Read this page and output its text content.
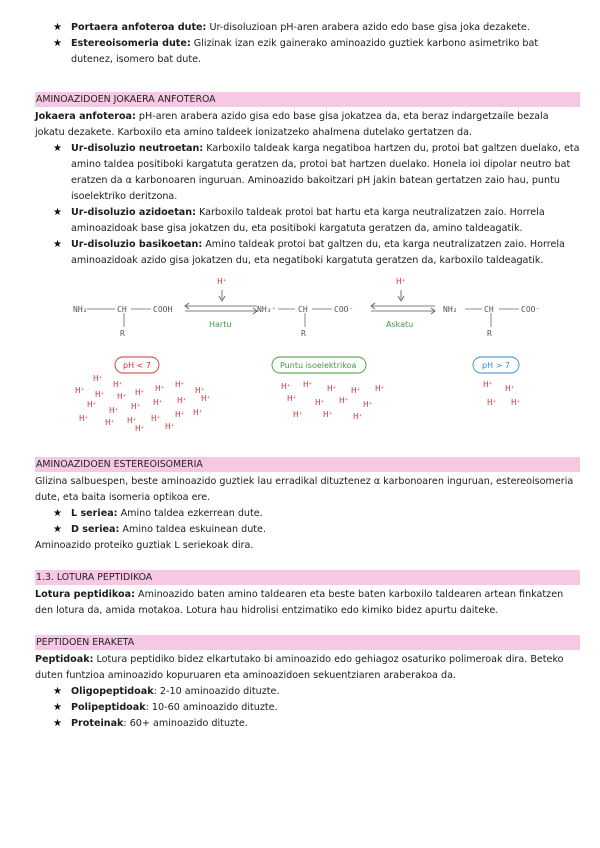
★ Portaera anfoteroa dute: Ur-disoluzioan pH-aren arabera azido edo base gisa joka dezakete.
★ Estereoisomeria dute: Glizinak izan ezik gainerako aminoazido guztiek karbono asimetriko bat dutenez, isomero bat dute.
AMINOAZIDOEN JOKAERA ANFOTEROA

Jokaera anfoteroa: pH-aren arabera azido gisa edo base gisa jokatzea da, eta beraz indargetzaile bezala jokatu dezakete. Karboxilo eta amino taldeek ionizatzeko ahalmena dutelako gertatzen da.

★ Ur-disoluzio neutroetan: Karboxilo taldeak karga negatiboa hartzen du, protoi bat galtzen duelako, eta amino taldea positiboki kargatuta geratzen da, protoi bat hartzen duelako. Honela ioi dipolar neutro bat eratzen da α karbonoaren inguruan. Aminoazido bakoitzari pH jakin batean gertatzen zaio hau, puntu isoelektriko deritzona.
★ Ur-disoluzio azidoetan: Karboxilo taldeak protoi bat hartu eta karga neutralizatzen zaio. Horrela aminoazidoak base gisa jokatzen du, eta positiboki kargatuta geratzen da, amino taldeagatik.
★ Ur-disoluzio basikoetan: Amino taldeak protoi bat galtzen du, eta karga neutralizatzen zaio. Horrela aminoazidoak azido gisa jokatzen du, eta negatiboki kargatuta geratzen da, karboxilo taldeagatik.
NH₂	CH	COOH
R
NH₃⁺	CH	COO⁻
R
NH₂	CH	COO⁻
R
H⁺	H⁺
Hartu	Askatu
pH < 7	Puntu isoelektrikoa	pH > 7
H⁺
H⁺
H⁺ H⁺ H⁺ H⁺ H⁺ H⁺
H⁺
H⁺
H⁺ H⁺ H⁺ H⁺ H⁺
H⁺ H⁺ H⁺ H⁺ H⁺ H⁺
H⁺	H⁺
H⁺ H⁺ H⁺ H⁺ H⁺
H⁺ H⁺ H⁺ H⁺
H⁺	H⁺	H⁺
H⁺ H⁺
H⁺ H⁺
AMINOAZIDOEN ESTEREOISOMERIA

Glizina salbuespen, beste aminoazido guztiek lau erradikal dituztenez α karbonoaren inguruan, estereoisomeria dute, eta baita isomeria optikoa ere.

★ L seriea: Amino taldea ezkerrean dute.
★ D seriea: Amino taldea eskuinean dute.

Aminoazido proteiko guztiak L seriekoak dira.

1.3. LOTURA PEPTIDIKOA

Lotura peptidikoa: Aminoazido baten amino taldearen eta beste baten karboxilo taldearen artean finkatzen den lotura da, amida motakoa. Lotura hau hidrolisi entzimatiko edo kimiko bidez apurtu daiteke.

PEPTIDOEN ERAKETA

Peptidoak: Lotura peptidiko bidez elkartutako bi aminoazido edo gehiagoz osaturiko polimeroak dira. Beteko duten funtzioa aminoazido kopuruaren eta aminoazidoen sekuentziaren araberakoa da.

★ Oligopeptidoak: 2-10 aminoazido dituzte.
★ Polipeptidoak: 10-60 aminoazido dituzte.
★ Proteinak: 60+ aminoazido dituzte.
